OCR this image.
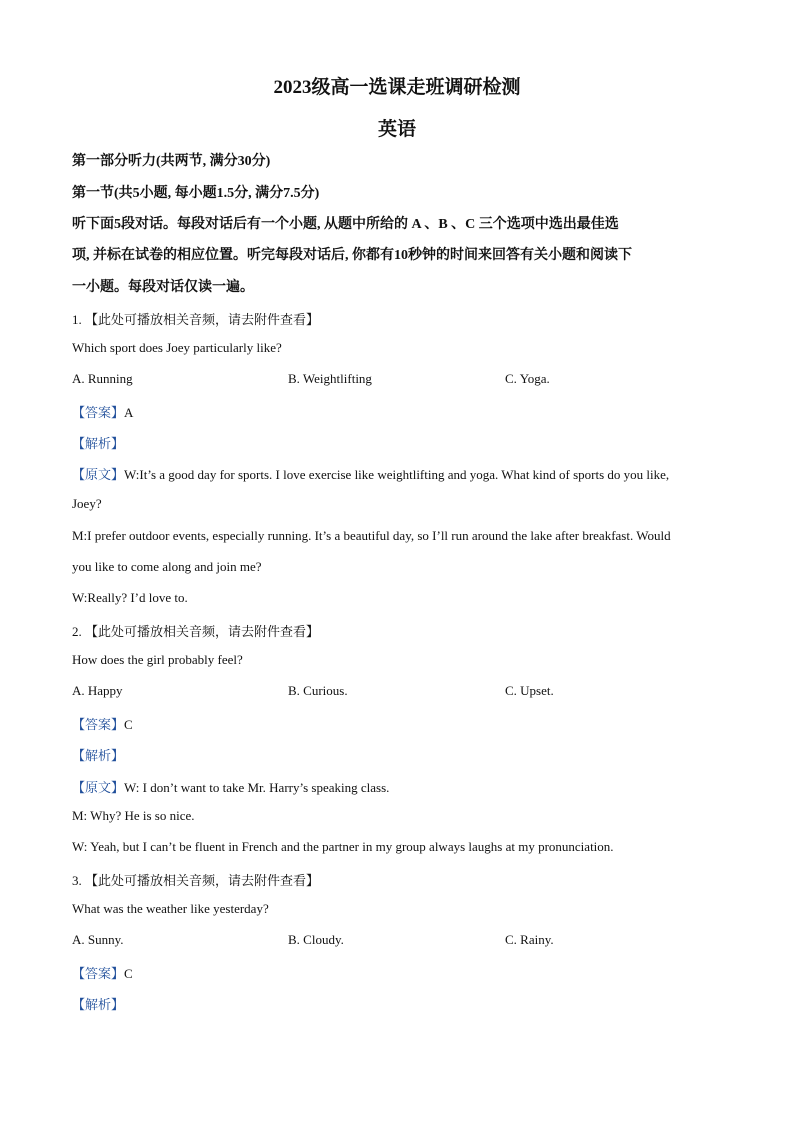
2023级高一选课走班调研检测
英语
第一部分听力(共两节, 满分30分)
第一节(共5小题, 每小题1.5分, 满分7.5分)
听下面5段对话。每段对话后有一个小题, 从题中所给的 A 、B 、C 三个选项中选出最佳选
项, 并标在试卷的相应位置。听完每段对话后, 你都有10秒钟的时间来回答有关小题和阅读下
一小题。每段对话仅读一遍。
1. 【此处可播放相关音频，请去附件查看】
Which sport does Joey particularly like?
A. Running	B. Weightlifting	C. Yoga.
【答案】A
【解析】
【原文】W:It’s a good day for sports. I love exercise like weightlifting and yoga. What kind of sports do you like,
Joey?
M:I prefer outdoor events, especially running. It’s a beautiful day, so I’ll run around the lake after breakfast. Would
you like to come along and join me?
W:Really? I’d love to.
2. 【此处可播放相关音频，请去附件查看】
How does the girl probably feel?
A. Happy	B. Curious.	C. Upset.
【答案】C
【解析】
【原文】W: I don’t want to take Mr. Harry’s speaking class.
M: Why? He is so nice.
W: Yeah, but I can’t be fluent in French and the partner in my group always laughs at my pronunciation.
3. 【此处可播放相关音频，请去附件查看】
What was the weather like yesterday?
A. Sunny.	B. Cloudy.	C. Rainy.
【答案】C
【解析】
